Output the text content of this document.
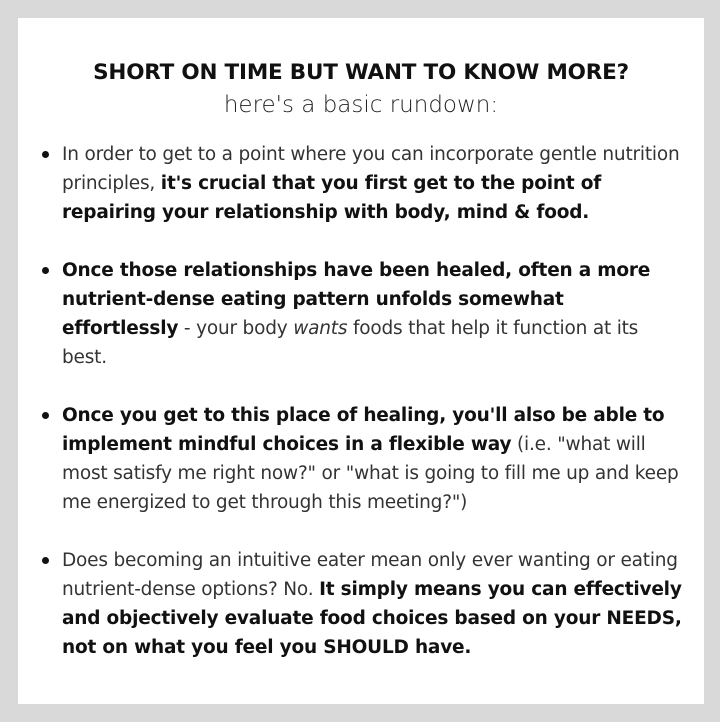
SHORT ON TIME BUT WANT TO KNOW MORE?

here's a basic rundown:

In order to get to a point where you can incorporate gentle nutrition principles, it's crucial that you first get to the point of repairing your relationship with body, mind & food.
Once those relationships have been healed, often a more nutrient-dense eating pattern unfolds somewhat effortlessly - your body wants foods that help it function at its best.
Once you get to this place of healing, you'll also be able to implement mindful choices in a flexible way (i.e. "what will most satisfy me right now?" or "what is going to fill me up and keep me energized to get through this meeting?")
Does becoming an intuitive eater mean only ever wanting or eating nutrient-dense options? No. It simply means you can effectively and objectively evaluate food choices based on your NEEDS, not on what you feel you SHOULD have.
